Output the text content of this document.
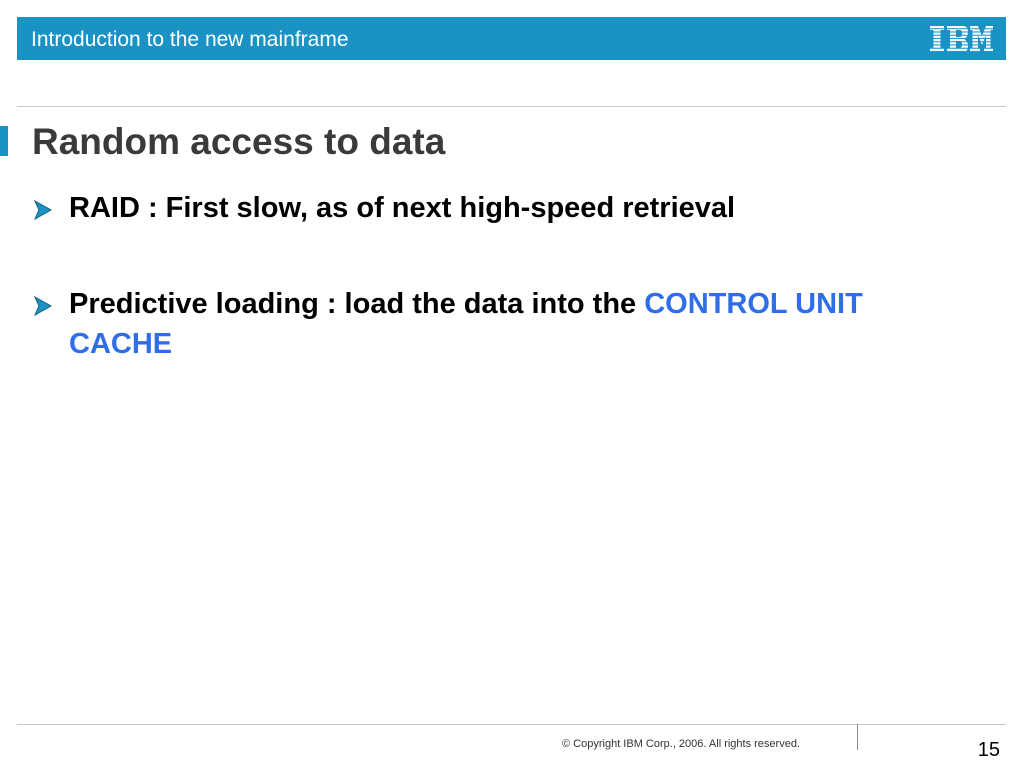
Introduction to the new mainframe
Random access to data
RAID : First slow, as of next high-speed retrieval
Predictive loading : load the data into the CONTROL UNIT CACHE
© Copyright IBM Corp., 2006. All rights reserved.	15
